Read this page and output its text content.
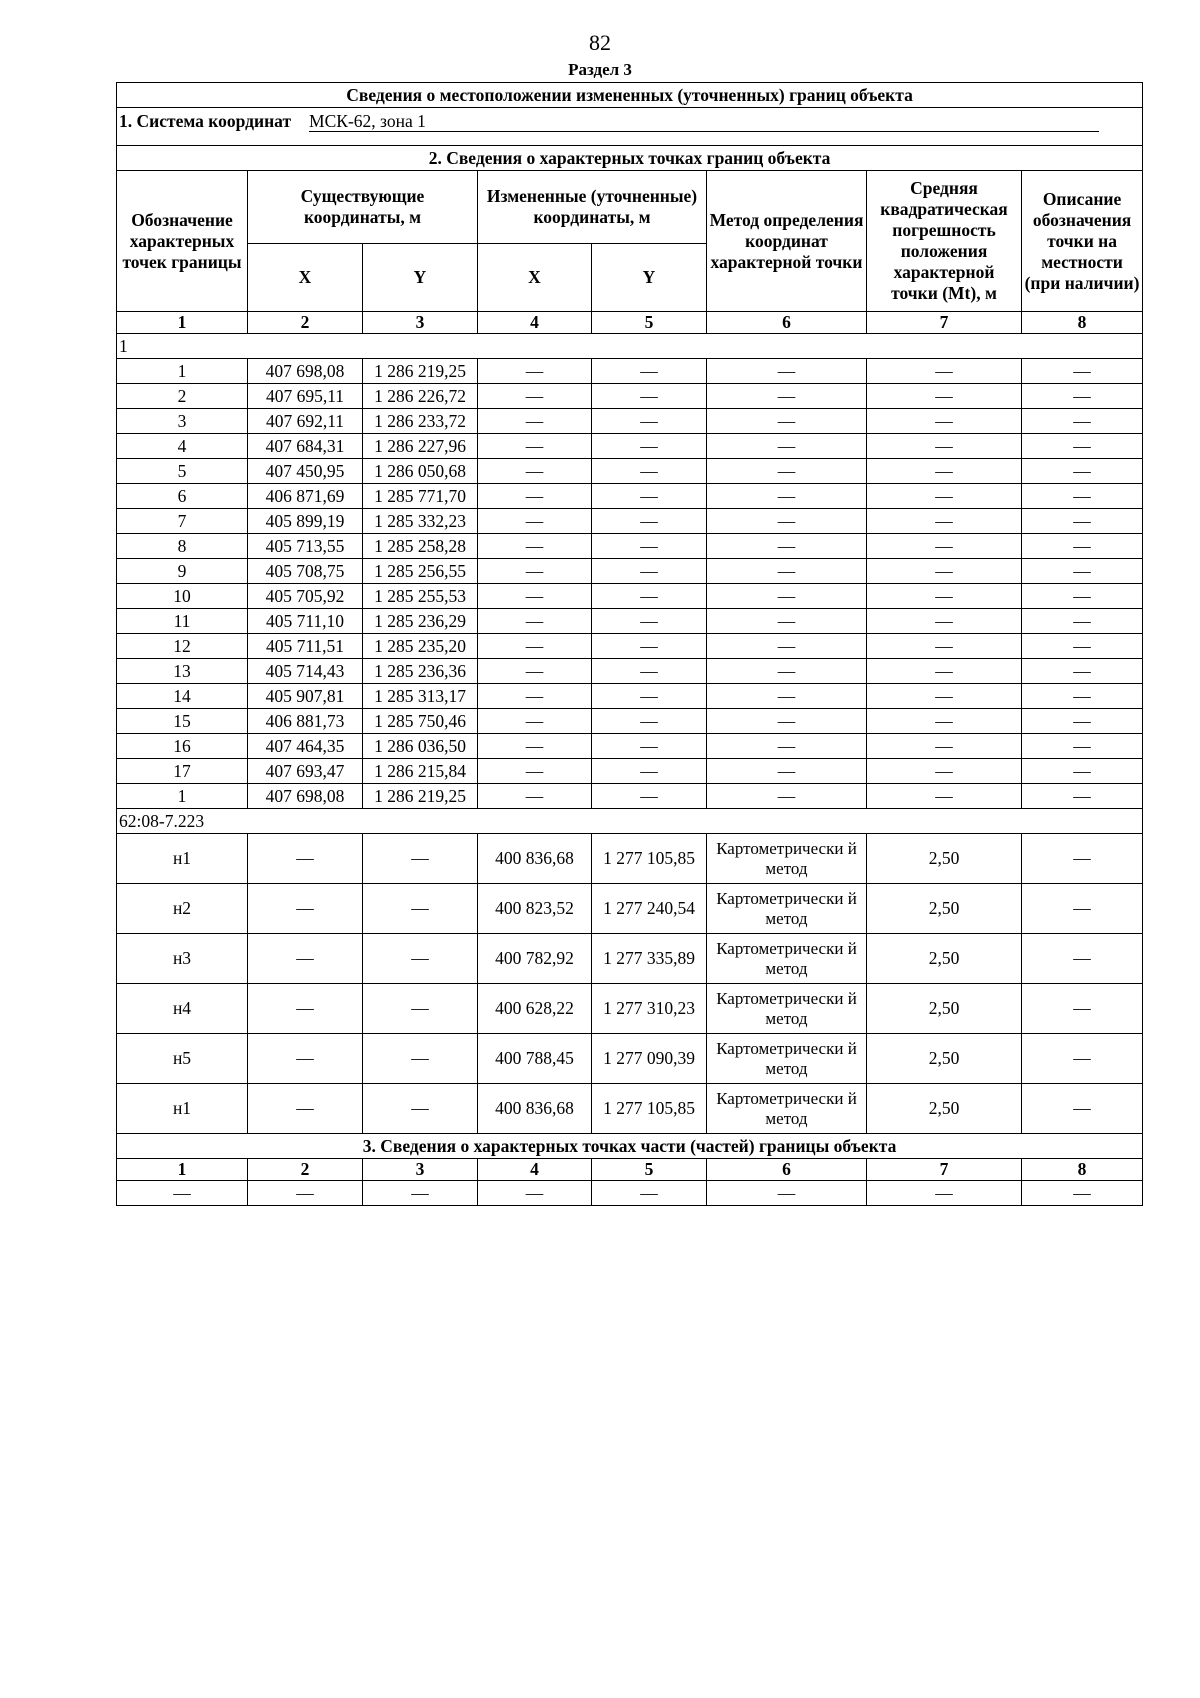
82
Раздел 3
Сведения о местоположении измененных (уточненных) границ объекта							
1. Система координат МСК-62, зона 1							
2. Сведения о характерных точках границ объекта							
Обозначение характерных точек границы	Существующие координаты, м		Измененные (уточненные) координаты, м		Метод определения координат характерной точки	Средняя квадратическая погрешность положения характерной точки (Mt), м	Описание обозначения точки на местности (при наличии)
	X	Y	X	Y			
1	2	3	4	5	6	7	8
1							
1	407 698,08	1 286 219,25	—	—	—	—	—
2	407 695,11	1 286 226,72	—	—	—	—	—
3	407 692,11	1 286 233,72	—	—	—	—	—
4	407 684,31	1 286 227,96	—	—	—	—	—
5	407 450,95	1 286 050,68	—	—	—	—	—
6	406 871,69	1 285 771,70	—	—	—	—	—
7	405 899,19	1 285 332,23	—	—	—	—	—
8	405 713,55	1 285 258,28	—	—	—	—	—
9	405 708,75	1 285 256,55	—	—	—	—	—
10	405 705,92	1 285 255,53	—	—	—	—	—
11	405 711,10	1 285 236,29	—	—	—	—	—
12	405 711,51	1 285 235,20	—	—	—	—	—
13	405 714,43	1 285 236,36	—	—	—	—	—
14	405 907,81	1 285 313,17	—	—	—	—	—
15	406 881,73	1 285 750,46	—	—	—	—	—
16	407 464,35	1 286 036,50	—	—	—	—	—
17	407 693,47	1 286 215,84	—	—	—	—	—
1	407 698,08	1 286 219,25	—	—	—	—	—
62:08-7.223							
н1	—	—	400 836,68	1 277 105,85	Картометрически й метод	2,50	—
н2	—	—	400 823,52	1 277 240,54	Картометрически й метод	2,50	—
н3	—	—	400 782,92	1 277 335,89	Картометрически й метод	2,50	—
н4	—	—	400 628,22	1 277 310,23	Картометрически й метод	2,50	—
н5	—	—	400 788,45	1 277 090,39	Картометрически й метод	2,50	—
н1	—	—	400 836,68	1 277 105,85	Картометрически й метод	2,50	—
3. Сведения о характерных точках части (частей) границы объекта							
1	2	3	4	5	6	7	8
—	—	—	—	—	—	—	—
